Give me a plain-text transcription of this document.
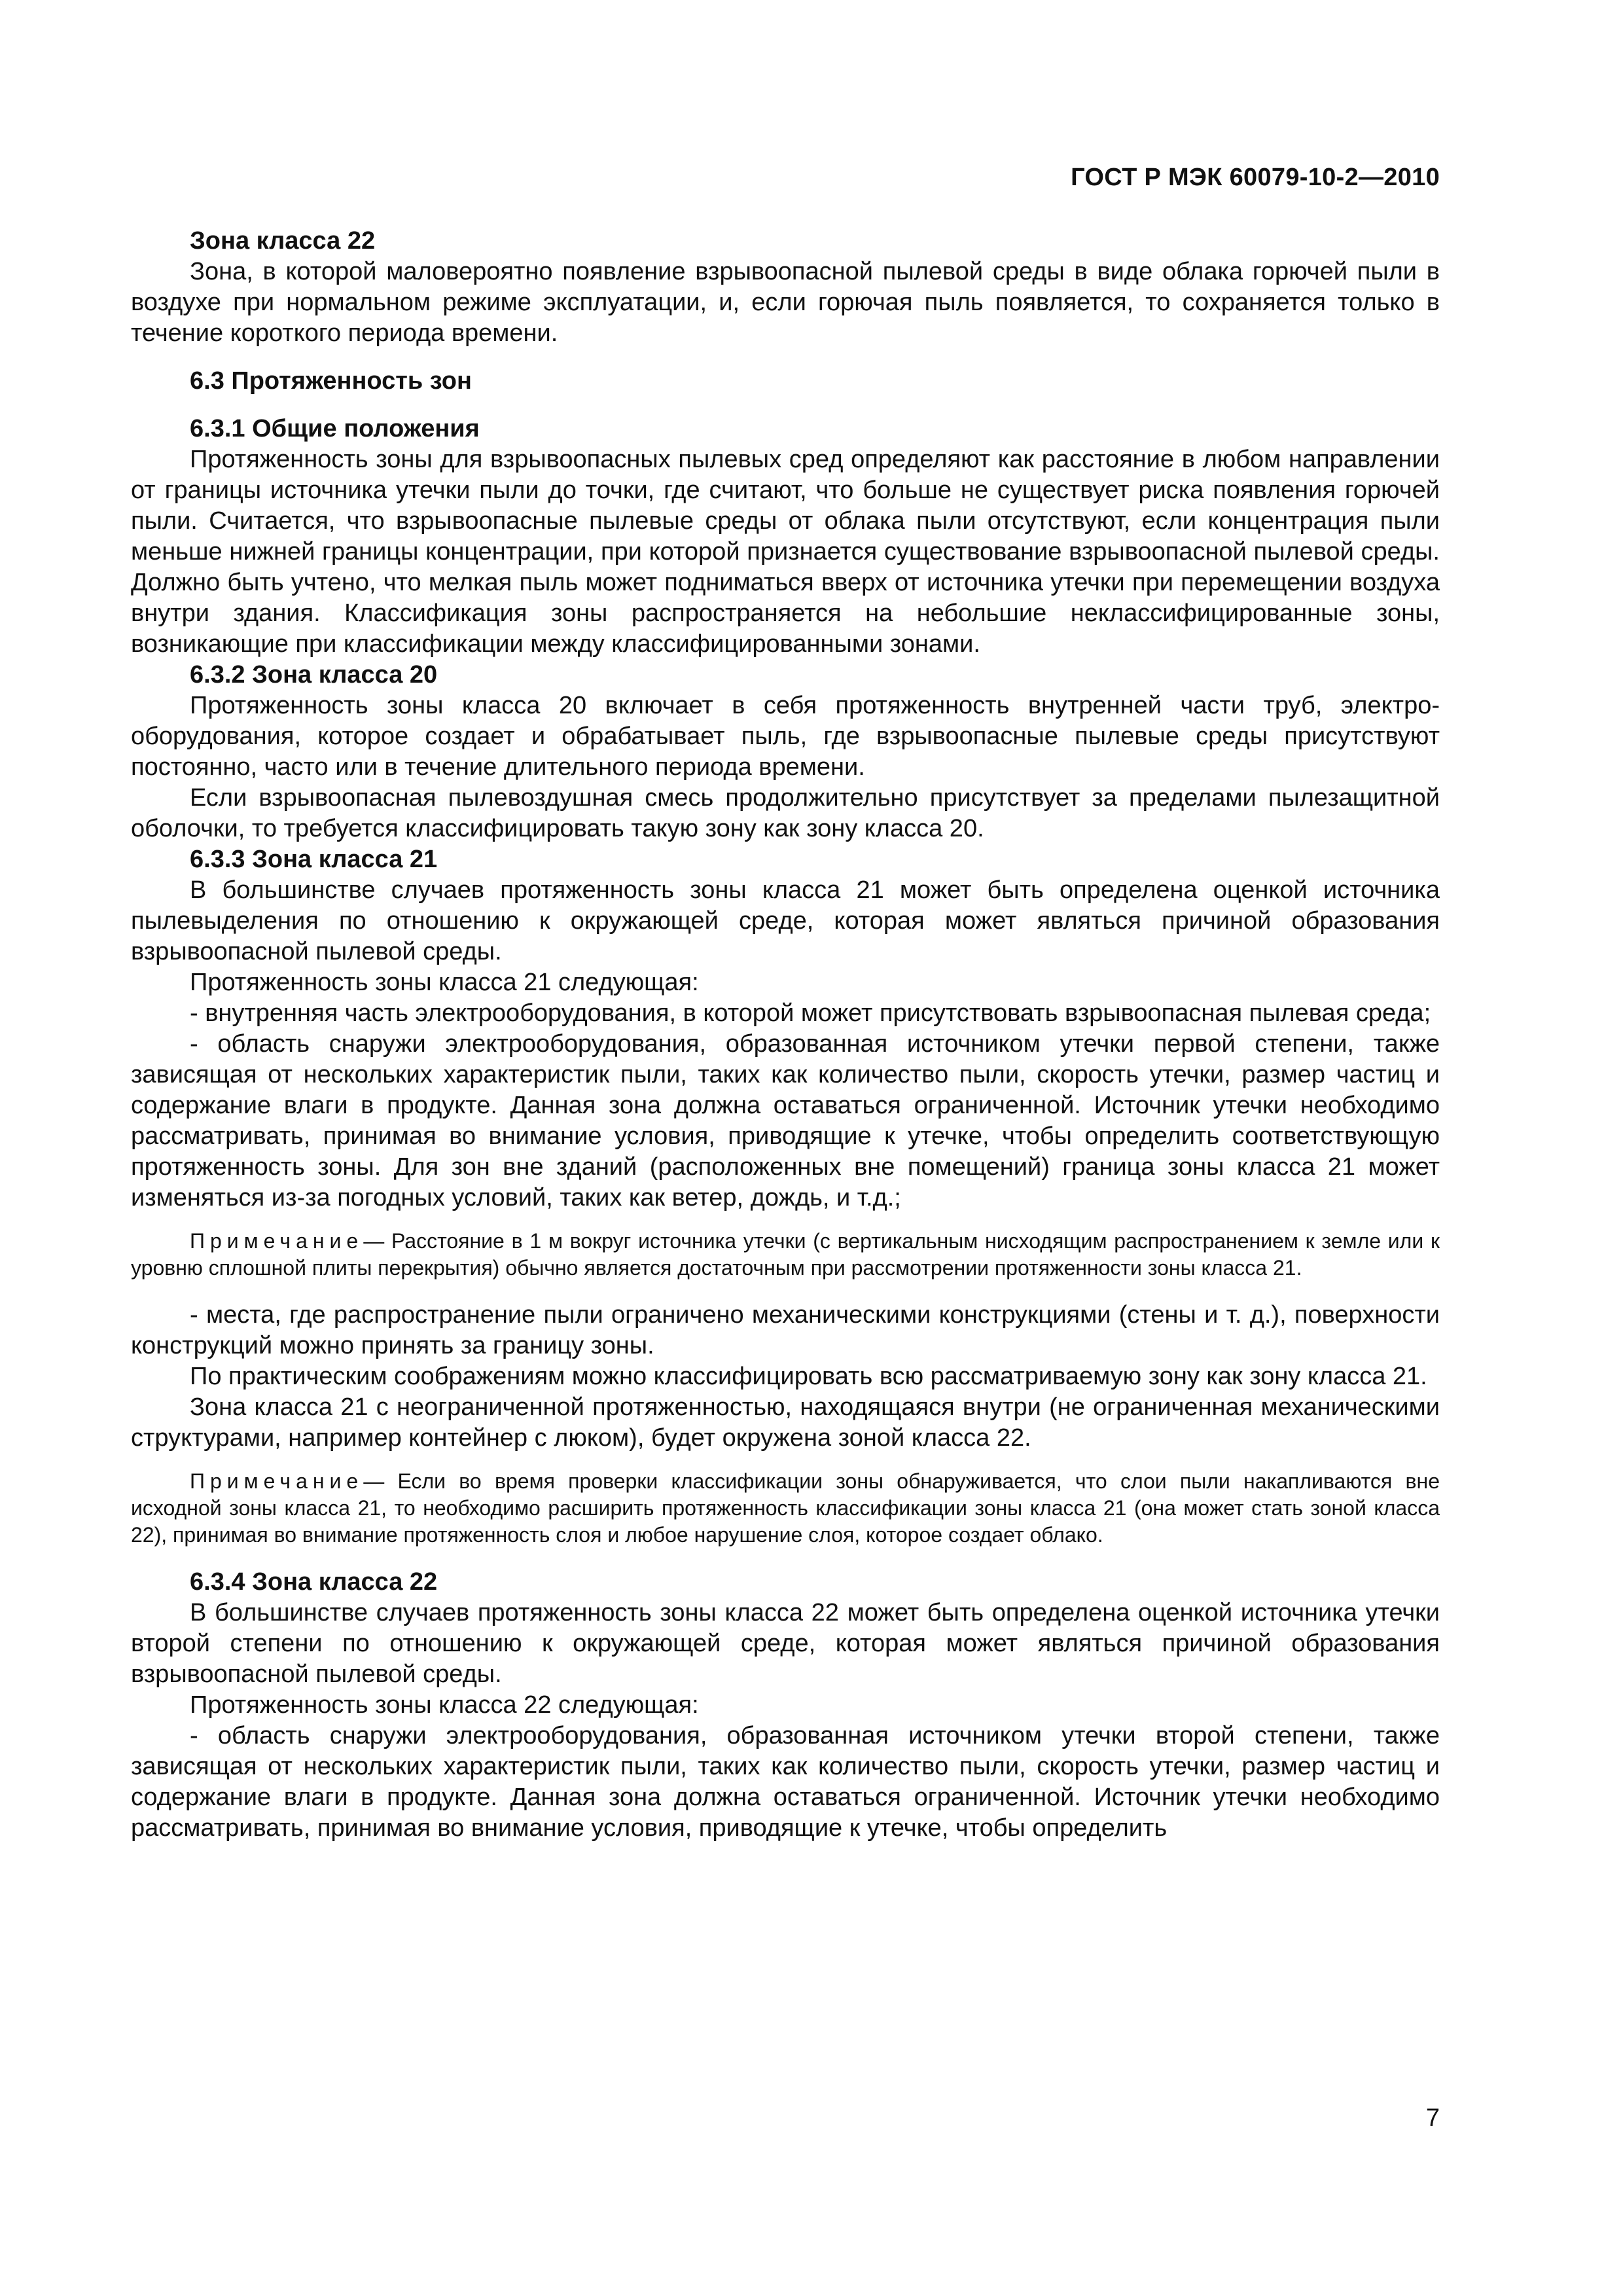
ГОСТ Р МЭК 60079-10-2—2010
Зона класса 22

Зона, в которой маловероятно появление взрывоопасной пылевой среды в виде облака горючей пыли в воздухе при нормальном режиме эксплуатации, и, если горючая пыль появляется, то сохраняется только в течение короткого периода времени.

6.3 Протяженность зон
6.3.1 Общие положения

Протяженность зоны для взрывоопасных пылевых сред определяют как расстояние в любом направлении от границы источника утечки пыли до точки, где считают, что больше не существует риска появления горючей пыли. Считается, что взрывоопасные пылевые среды от облака пыли отсутствуют, если концентрация пыли меньше нижней границы концентрации, при которой признается существование взрывоопасной пылевой среды. Должно быть учтено, что мелкая пыль может подниматься вверх от источника утечки при перемещении воздуха внутри здания. Классификация зоны распространяется на небольшие неклассифицированные зоны, возникающие при классификации между классифицированными зонами.

6.3.2 Зона класса 20

Протяженность зоны класса 20 включает в себя протяженность внутренней части труб, электрооборудования, которое создает и обрабатывает пыль, где взрывоопасные пылевые среды присутствуют постоянно, часто или в течение длительного периода времени.

Если взрывоопасная пылевоздушная смесь продолжительно присутствует за пределами пылезащитной оболочки, то требуется классифицировать такую зону как зону класса 20.

6.3.3 Зона класса 21

В большинстве случаев протяженность зоны класса 21 может быть определена оценкой источника пылевыделения по отношению к окружающей среде, которая может являться причиной образования взрывоопасной пылевой среды.

Протяженность зоны класса 21 следующая:

- внутренняя часть электрооборудования, в которой может присутствовать взрывоопасная пылевая среда;

- область снаружи электрооборудования, образованная источником утечки первой степени, также зависящая от нескольких характеристик пыли, таких как количество пыли, скорость утечки, размер частиц и содержание влаги в продукте. Данная зона должна оставаться ограниченной. Источник утечки необходимо рассматривать, принимая во внимание условия, приводящие к утечке, чтобы определить соответствующую протяженность зоны. Для зон вне зданий (расположенных вне помещений) граница зоны класса 21 может изменяться из-за погодных условий, таких как ветер, дождь, и т.д.;

Примечание— Расстояние в 1 м вокруг источника утечки (с вертикальным нисходящим распространением к земле или к уровню сплошной плиты перекрытия) обычно является достаточным при рассмотрении протяженности зоны класса 21.

- места, где распространение пыли ограничено механическими конструкциями (стены и т. д.), поверхности конструкций можно принять за границу зоны.

По практическим соображениям можно классифицировать всю рассматриваемую зону как зону класса 21.

Зона класса 21 с неограниченной протяженностью, находящаяся внутри (не ограниченная механическими структурами, например контейнер с люком), будет окружена зоной класса 22.

Примечание— Если во время проверки классификации зоны обнаруживается, что слои пыли накапливаются вне исходной зоны класса 21, то необходимо расширить протяженность классификации зоны класса 21 (она может стать зоной класса 22), принимая во внимание протяженность слоя и любое нарушение слоя, которое создает облако.

6.3.4 Зона класса 22

В большинстве случаев протяженность зоны класса 22 может быть определена оценкой источника утечки второй степени по отношению к окружающей среде, которая может являться причиной образования взрывоопасной пылевой среды.

Протяженность зоны класса 22 следующая:

- область снаружи электрооборудования, образованная источником утечки второй степени, также зависящая от нескольких характеристик пыли, таких как количество пыли, скорость утечки, размер частиц и содержание влаги в продукте. Данная зона должна оставаться ограниченной. Источник утечки необходимо рассматривать, принимая во внимание условия, приводящие к утечке, чтобы определить

7
